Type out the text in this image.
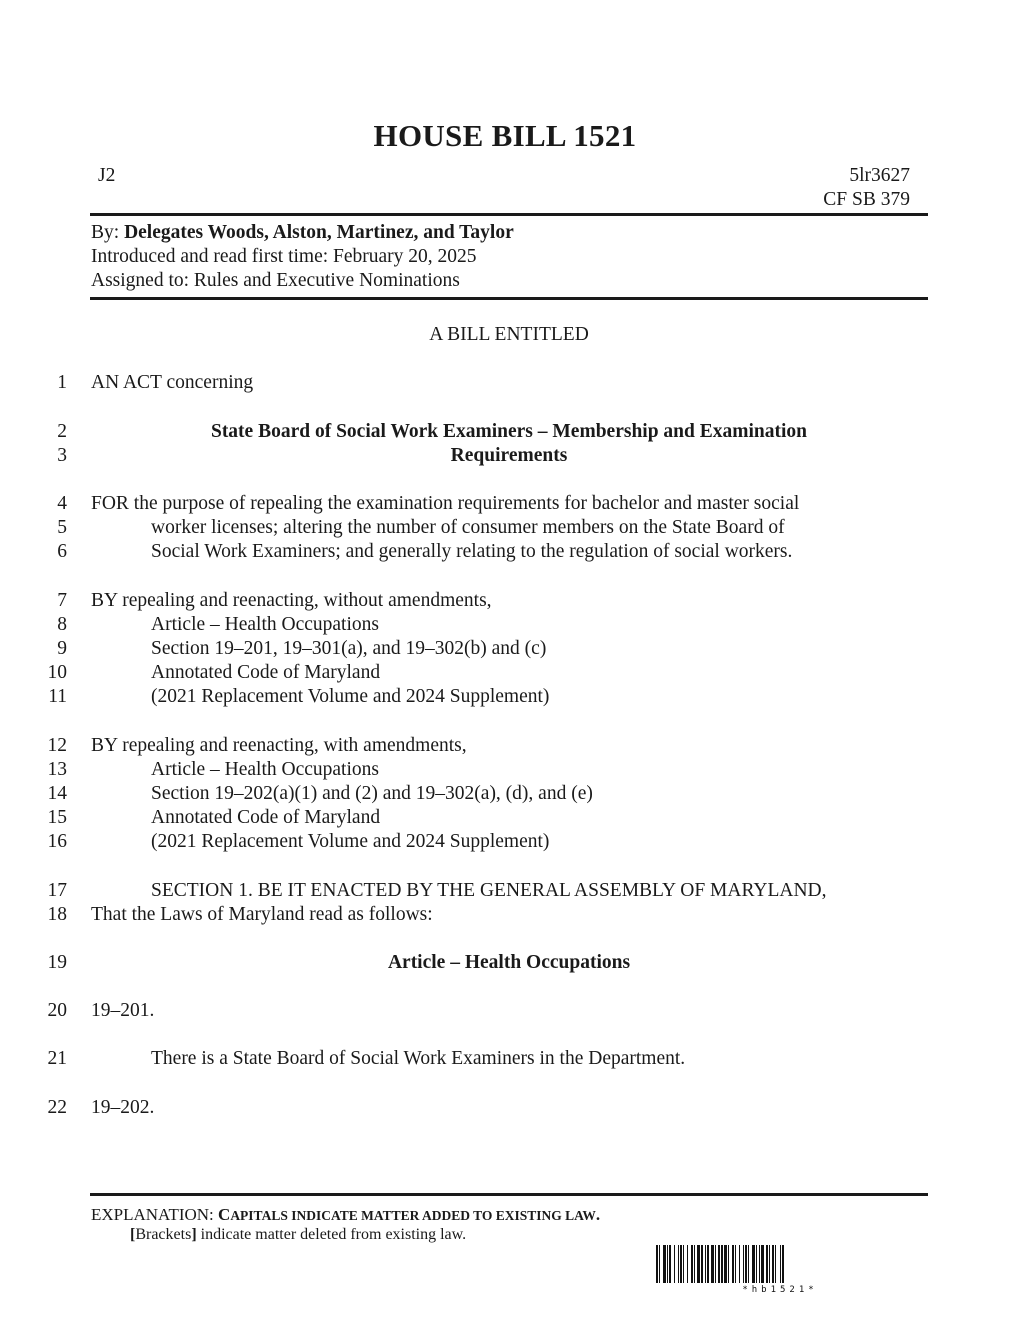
HOUSE BILL 1521
J2	5lr3627
CF SB 379
By: Delegates Woods, Alston, Martinez, and Taylor
Introduced and read first time: February 20, 2025
Assigned to: Rules and Executive Nominations
A BILL ENTITLED
1 AN ACT concerning
2	State Board of Social Work Examiners – Membership and Examination
3	Requirements
4 FOR the purpose of repealing the examination requirements for bachelor and master social
5	worker licenses; altering the number of consumer members on the State Board of
6	Social Work Examiners; and generally relating to the regulation of social workers.
7 BY repealing and reenacting, without amendments,
8	Article – Health Occupations
9	Section 19–201, 19–301(a), and 19–302(b) and (c)
10	Annotated Code of Maryland
11	(2021 Replacement Volume and 2024 Supplement)
12 BY repealing and reenacting, with amendments,
13	Article – Health Occupations
14	Section 19–202(a)(1) and (2) and 19–302(a), (d), and (e)
15	Annotated Code of Maryland
16	(2021 Replacement Volume and 2024 Supplement)
17	SECTION 1. BE IT ENACTED BY THE GENERAL ASSEMBLY OF MARYLAND,
18 That the Laws of Maryland read as follows:
19	Article – Health Occupations
20 19–201.
21	There is a State Board of Social Work Examiners in the Department.
22 19–202.
EXPLANATION: CAPITALS INDICATE MATTER ADDED TO EXISTING LAW.
[Brackets] indicate matter deleted from existing law.
*hb1521*
